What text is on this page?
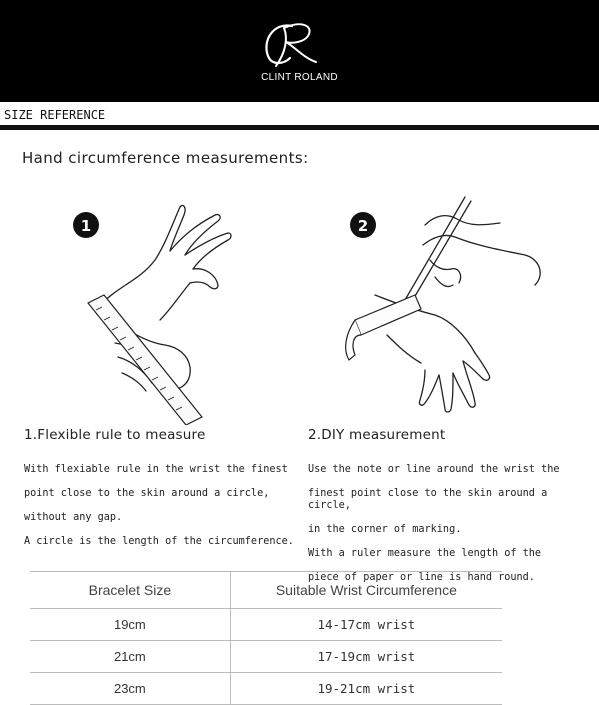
CLINT ROLAND
SIZE REFERENCE
Hand circumference measurements:
1	2
1.Flexible rule to measure

With flexiable rule in the wrist the finest

point close to the skin around a circle,

without any gap.

A circle is the length of the circumference.

2.DIY measurement

Use the note or line around the wrist the

finest point close to the skin around a circle,

in the corner of marking.

With a ruler measure the length of the

piece of paper or line is hand round.

Bracelet Size	Suitable Wrist Circumference
19cm	14-17cm wrist
21cm	17-19cm wrist
23cm	19-21cm wrist
